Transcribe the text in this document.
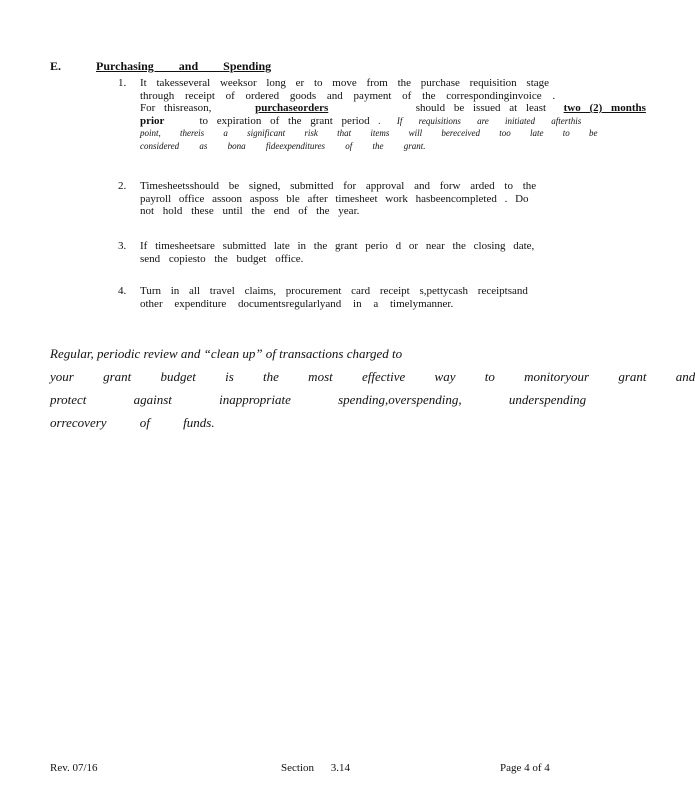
E.	Purchasing and Spending
1.	It takesseveral weeksor long er to move from the purchase requisition stage
through receipt of ordered goods and payment of the correspondinginvoice .
For thisreason,	purchaseorders	should be issued at least two (2) months
prior	to expiration of the grant period . If requisitions are initiated afterthis
point, thereis a significant risk that items will bereceived too late to be
considered as bona fideexpenditures of the grant.
2.	Timesheetsshould be signed, submitted for approval and forw arded to the
payroll office assoon asposs ble after timesheet work hasbeencompleted . Do
not hold these until the end of the year.
3.	If timesheetsare submitted late in the grant perio d or near the closing date,
send copiesto the budget office.
4.	Turn in all travel claims, procurement card receipt s,pettycash receiptsand
other expenditure documentsregularlyand in a timelymanner.
Regular, periodic review and “clean up” of transactions charged to
your grant budget is the most effective way to monitoryour grant and
protect against inappropriate spending,overspending, underspending
orrecovery of funds.
Rev. 07/16	Section 3.14	Page 4 of 4
